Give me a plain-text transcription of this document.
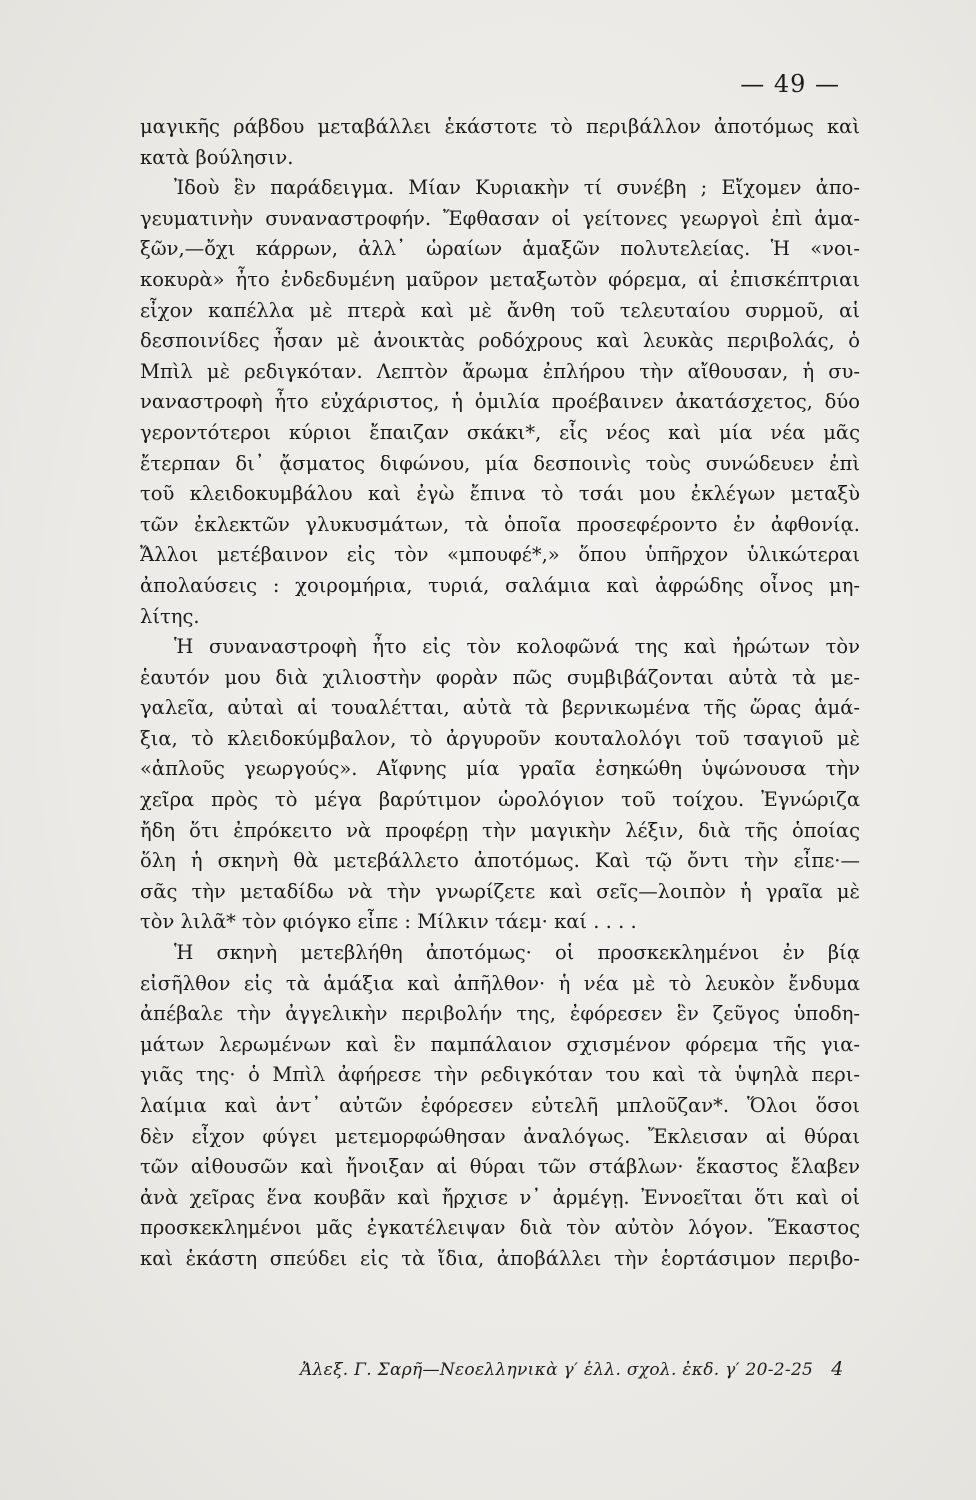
— 49 —
μαγικῆς ράβδου μεταβάλλει ἑκάστοτε τὸ περιβάλλον ἀποτόμως καὶ
κατὰ βούλησιν.
Ἰδοὺ ἓν παράδειγμα. Μίαν Κυριακὴν τί συνέβη ; Εἴχομεν ἀπο-
γευματινὴν συναναστροφήν. Ἔφθασαν οἱ γείτονες γεωργοὶ ἐπὶ ἁμα-
ξῶν,—ὄχι κάρρων, ἀλλ᾽ ὡραίων ἁμαξῶν πολυτελείας. Ἡ «νοι-
κοκυρὰ» ἦτο ἐνδεδυμένη μαῦρον μεταξωτὸν φόρεμα, αἱ ἐπισκέπτριαι
εἶχον καπέλλα μὲ πτερὰ καὶ μὲ ἄνθη τοῦ τελευταίου συρμοῦ, αἱ
δεσποινίδες ἦσαν μὲ ἀνοικτὰς ροδόχρους καὶ λευκὰς περιβολάς, ὁ
Μπὶλ μὲ ρεδιγκόταν. Λεπτὸν ἄρωμα ἐπλήρου τὴν αἴθουσαν, ἡ συ-
ναναστροφὴ ἦτο εὐχάριστος, ἡ ὁμιλία προέβαινεν ἀκατάσχετος, δύο
γεροντότεροι κύριοι ἔπαιζαν σκάκι*, εἷς νέος καὶ μία νέα μᾶς
ἔτερπαν δι᾽ ᾄσματος διφώνου, μία δεσποινὶς τοὺς συνώδευεν ἐπὶ
τοῦ κλειδοκυμβάλου καὶ ἐγὼ ἔπινα τὸ τσάι μου ἐκλέγων μεταξὺ
τῶν ἐκλεκτῶν γλυκυσμάτων, τὰ ὁποῖα προσεφέροντο ἐν ἀφθονίᾳ.
Ἄλλοι μετέβαινον εἰς τὸν «μπουφέ*,» ὅπου ὑπῆρχον ὑλικώτεραι
ἀπολαύσεις : χοιρομήρια, τυριά, σαλάμια καὶ ἀφρώδης οἶνος μη-
λίτης.
Ἡ συναναστροφὴ ἦτο εἰς τὸν κολοφῶνά της καὶ ἠρώτων τὸν
ἑαυτόν μου διὰ χιλιοστὴν φορὰν πῶς συμβιβάζονται αὐτὰ τὰ με-
γαλεῖα, αὐταὶ αἱ τουαλέτται, αὐτὰ τὰ βερνικωμένα τῆς ὥρας ἁμά-
ξια, τὸ κλειδοκύμβαλον, τὸ ἀργυροῦν κουταλολόγι τοῦ τσαγιοῦ μὲ
«ἁπλοῦς γεωργούς». Αἴφνης μία γραῖα ἐσηκώθη ὑψώνουσα τὴν
χεῖρα πρὸς τὸ μέγα βαρύτιμον ὡρολόγιον τοῦ τοίχου. Ἐγνώριζα
ἤδη ὅτι ἐπρόκειτο νὰ προφέρῃ τὴν μαγικὴν λέξιν, διὰ τῆς ὁποίας
ὅλη ἡ σκηνὴ θὰ μετεβάλλετο ἀποτόμως. Καὶ τῷ ὄντι τὴν εἶπε·—
σᾶς τὴν μεταδίδω νὰ τὴν γνωρίζετε καὶ σεῖς—λοιπὸν ἡ γραῖα μὲ
τὸν λιλᾶ* τὸν φιόγκο εἶπε : Μίλκιν τάεμ· καί . . . .
Ἡ σκηνὴ μετεβλήθη ἀποτόμως· οἱ προσκεκλημένοι ἐν βίᾳ
εἰσῆλθον εἰς τὰ ἁμάξια καὶ ἀπῆλθον· ἡ νέα μὲ τὸ λευκὸν ἔνδυμα
ἀπέβαλε τὴν ἀγγελικὴν περιβολήν της, ἐφόρεσεν ἓν ζεῦγος ὑποδη-
μάτων λερωμένων καὶ ἓν παμπάλαιον σχισμένον φόρεμα τῆς για-
γιᾶς της· ὁ Μπὶλ ἀφήρεσε τὴν ρεδιγκόταν του καὶ τὰ ὑψηλὰ περι-
λαίμια καὶ ἀντ᾽ αὐτῶν ἐφόρεσεν εὐτελῆ μπλοῦζαν*. Ὅλοι ὅσοι
δὲν εἶχον φύγει μετεμορφώθησαν ἀναλόγως. Ἔκλεισαν αἱ θύραι
τῶν αἰθουσῶν καὶ ἤνοιξαν αἱ θύραι τῶν στάβλων· ἕκαστος ἔλαβεν
ἀνὰ χεῖρας ἕνα κουβᾶν καὶ ἤρχισε ν᾽ ἀρμέγῃ. Ἐννοεῖται ὅτι καὶ οἱ
προσκεκλημένοι μᾶς ἐγκατέλειψαν διὰ τὸν αὐτὸν λόγον. Ἕκαστος
καὶ ἑκάστη σπεύδει εἰς τὰ ἴδια, ἀποβάλλει τὴν ἑορτάσιμον περιβο-
Ἀλεξ. Γ. Σαρῆ—Νεοελληνικὰ γ′ ἑλλ. σχολ. ἐκδ. γ′ 20-2-25 4
